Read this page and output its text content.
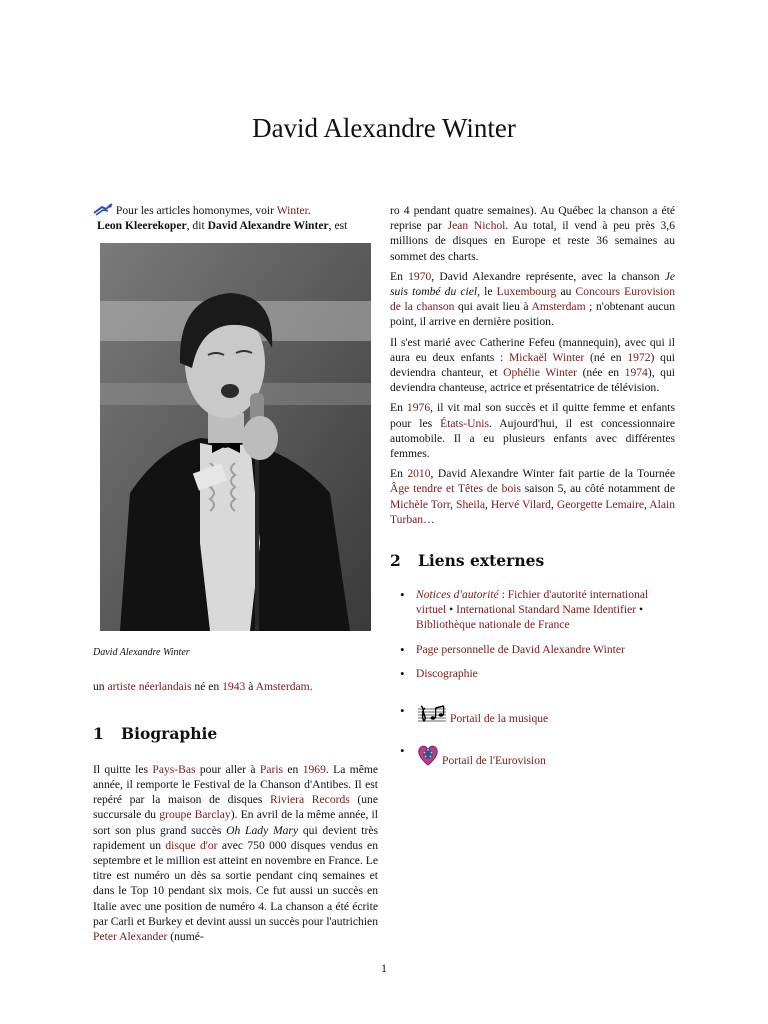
David Alexandre Winter

Pour les articles homonymes, voir Winter.

Leon Kleerekoper, dit David Alexandre Winter, est

David Alexandre Winter

un artiste néerlandais né en 1943 à Amsterdam.

1 Biographie

Il quitte les Pays-Bas pour aller à Paris en 1969. La même année, il remporte le Festival de la Chanson d'Antibes. Il est repéré par la maison de disques Riviera Records (une succursale du groupe Barclay). En avril de la même année, il sort son plus grand succès Oh Lady Mary qui devient très rapidement un disque d'or avec 750 000 disques vendus en septembre et le million est atteint en novembre en France. Le titre est numéro un dès sa sortie pendant cinq semaines et dans le Top 10 pendant six mois. Ce fut aussi un succès en Italie avec une position de numéro 4. La chanson a été écrite par Carli et Burkey et devint aussi un succès pour l'autrichien Peter Alexander (numé-

ro 4 pendant quatre semaines). Au Québec la chanson a été reprise par Jean Nichol. Au total, il vend à peu près 3,6 millions de disques en Europe et reste 36 semaines au sommet des charts.

En 1970, David Alexandre représente, avec la chanson Je suis tombé du ciel, le Luxembourg au Concours Eurovision de la chanson qui avait lieu à Amsterdam ; n'obtenant aucun point, il arrive en dernière position.

Il s'est marié avec Catherine Fefeu (mannequin), avec qui il aura eu deux enfants : Mickaël Winter (né en 1972) qui deviendra chanteur, et Ophélie Winter (née en 1974), qui deviendra chanteuse, actrice et présentatrice de télévision.

En 1976, il vit mal son succès et il quitte femme et enfants pour les États-Unis. Aujourd'hui, il est concessionnaire automobile. Il a eu plusieurs enfants avec différentes femmes.

En 2010, David Alexandre Winter fait partie de la Tournée Âge tendre et Têtes de bois saison 5, au côté notamment de Michèle Torr, Sheila, Hervé Vilard, Georgette Lemaire, Alain Turban…

2 Liens externes
• Notices d'autorité : Fichier d'autorité international virtuel • International Standard Name Identifier • Bibliothèque nationale de France
• Page personnelle de David Alexandre Winter
• Discographie
• Portail de la musique
• Portail de l'Eurovision
1
